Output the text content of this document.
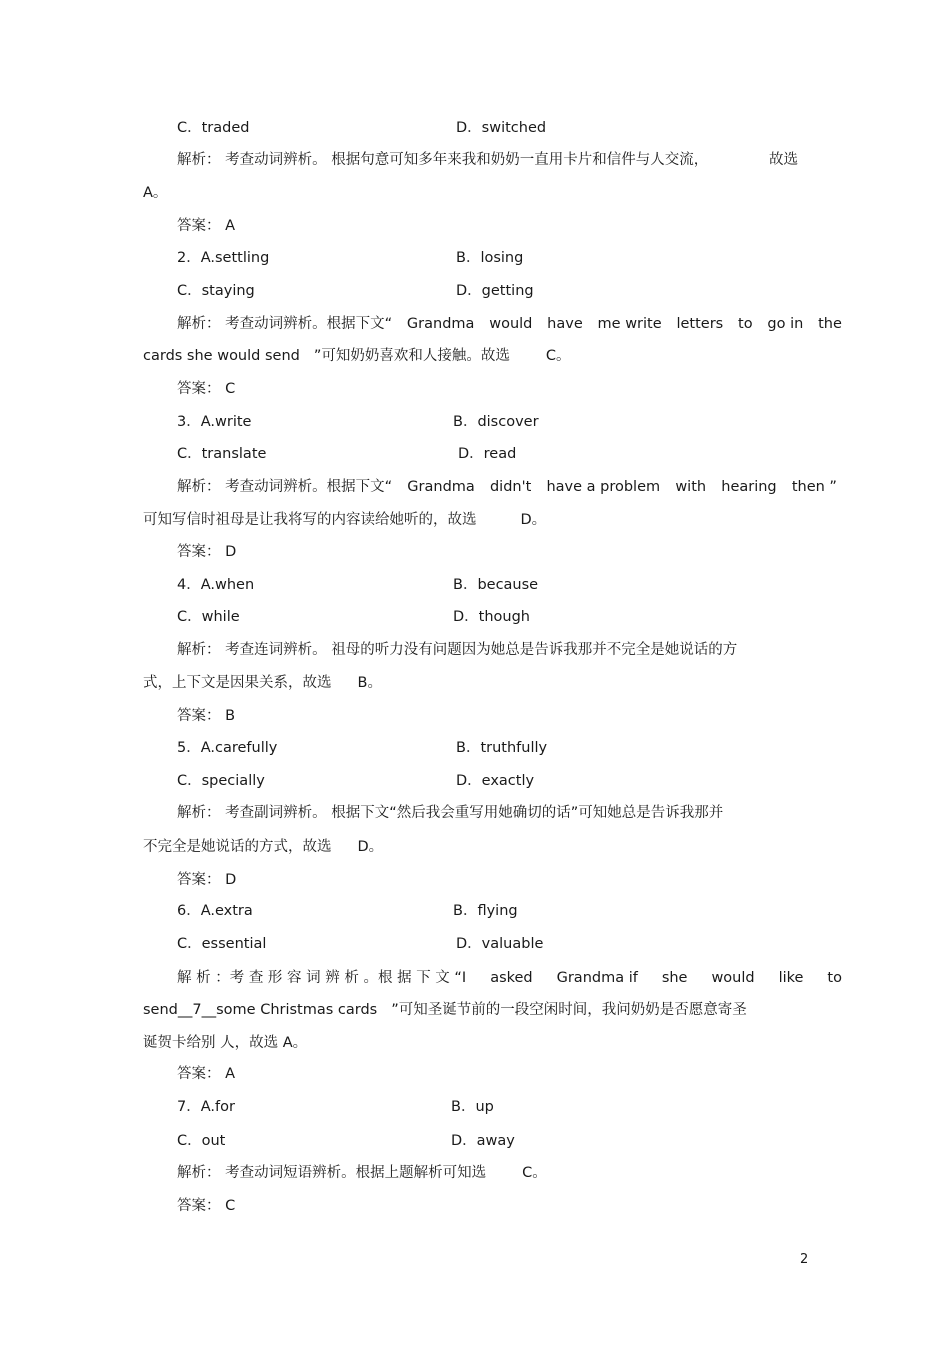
C．traded	D．switched
解析： 考查动词辨析。 根据句意可知多年来我和奶奶一直用卡片和信件与人交流，	故选
A。
答案： A
2．A.settling	B．losing
C．staying	D．getting
解析： 考查动词辨析。根据下文“ Grandma would have me write letters to go in the
cards she would send ”可知奶奶喜欢和人接触。故选 C。
答案： C
3．A.write	B．discover
C．translate	D．read
解析： 考查动词辨析。根据下文“ Grandma didn't have a problem with hearing then ”
可知写信时祖母是让我将写的内容读给她听的，故选	D。
答案： D
4．A.when	B．because
C．while	D．though
解析： 考查连词辨析。 祖母的听力没有问题因为她总是告诉我那并不完全是她说话的方
式，上下文是因果关系，故选 B。
答案： B
5．A.carefully	B．truthfully
C．specially	D．exactly
解析： 考查副词辨析。 根据下文“然后我会重写用她确切的话”可知她总是告诉我那并
不完全是她说话的方式，故选 D。
答案： D
6．A.extra	B．flying
C．essential	D．valuable
解 析 ：考 查 形 容 词 辨 析 。根 据 下 文 “I asked Grandma if she would like to
send__7__some Christmas cards ”可知圣诞节前的一段空闲时间，我问奶奶是否愿意寄圣
诞贺卡给别 人，故选 A。
答案： A
7．A.for	B．up
C．out	D．away
解析： 考查动词短语辨析。根据上题解析可知选 C。
答案： C
2
